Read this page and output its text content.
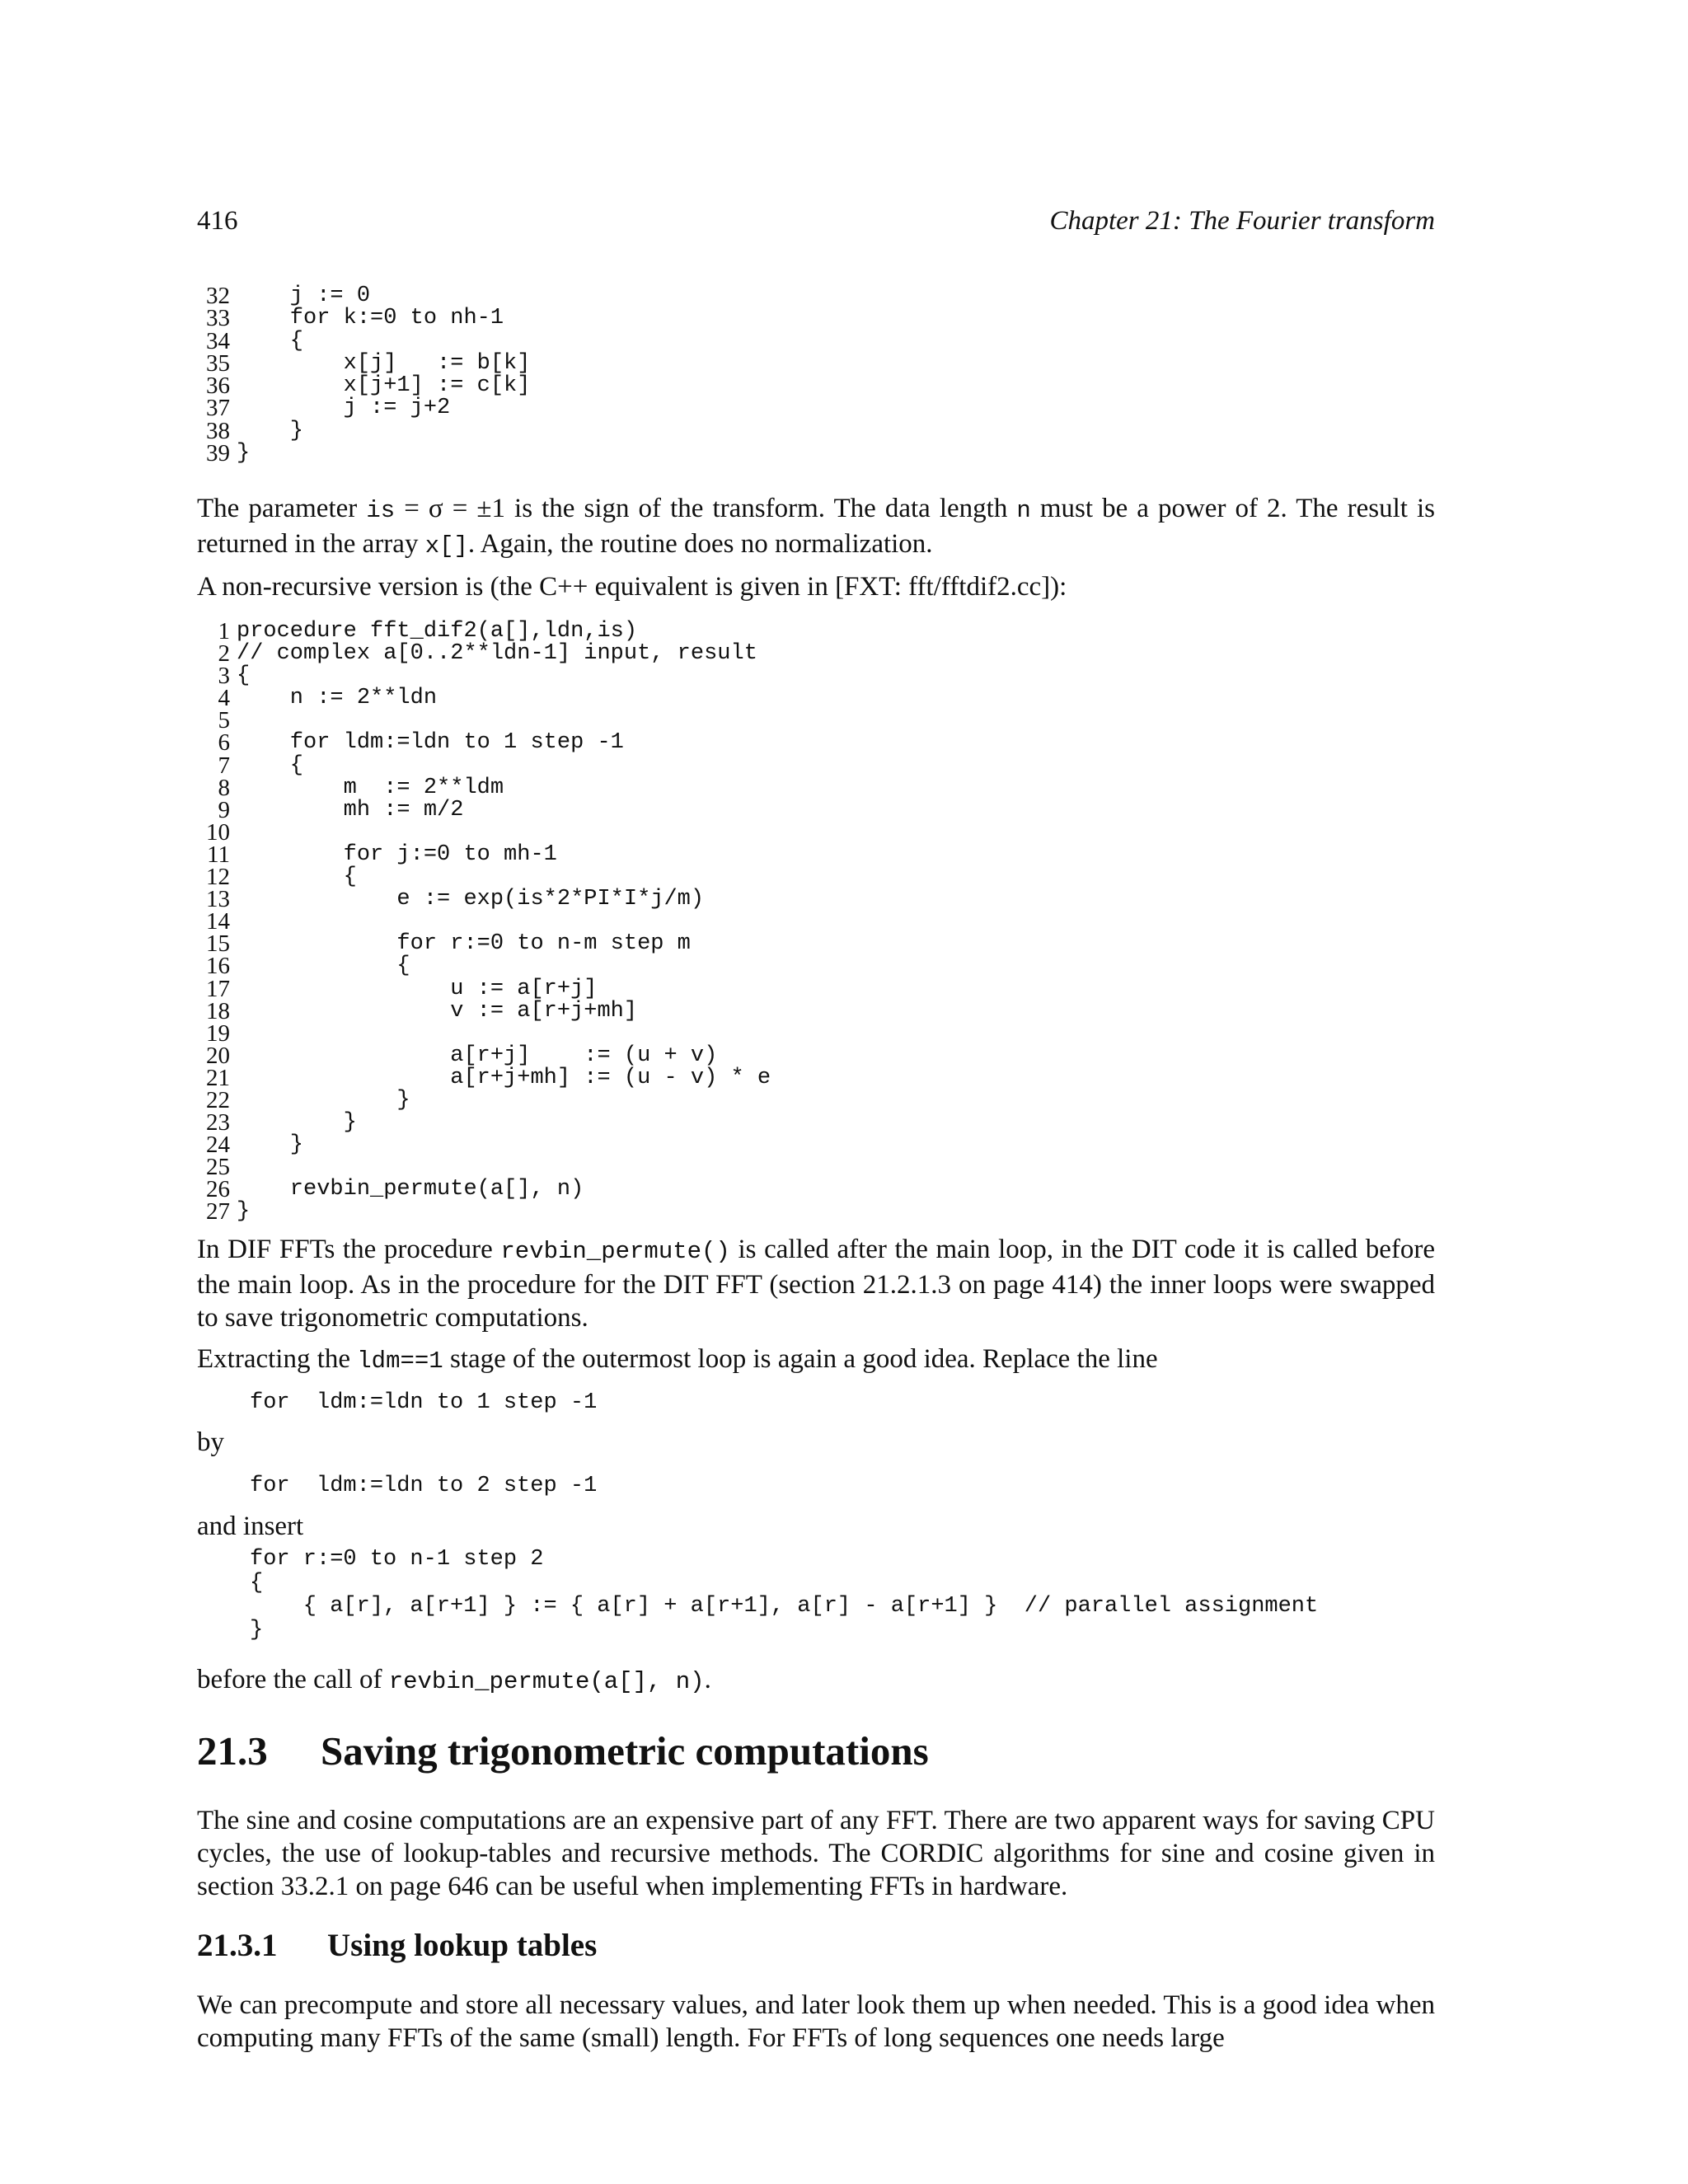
416	Chapter 21: The Fourier transform
32 j := 0
33 for k:=0 to nh-1
34 {
35 x[j]   := b[k]
36 x[j+1] := c[k]
37 j := j+2
38 }
39 }

The parameter is = σ = ±1 is the sign of the transform. The data length n must be a power of 2. The result is returned in the array x[]. Again, the routine does no normalization.

A non-recursive version is (the C++ equivalent is given in [FXT: fft/fftdif2.cc]):

1 procedure fft_dif2(a[],ldn,is)
2 // complex a[0..2**ldn-1] input, result
3 {
4 n := 2**ldn
5
6 for ldm:=ldn to 1 step -1
7 {
8 m  := 2**ldm
9 mh := m/2
10
11 for j:=0 to mh-1
12 {
13 e := exp(is*2*PI*I*j/m)
14
15 for r:=0 to n-m step m
16 {
17 u := a[r+j]
18 v := a[r+j+mh]
19
20 a[r+j]    := (u + v)
21 a[r+j+mh] := (u - v) * e
22 }
23 }
24 }
25
26 revbin_permute(a[], n)
27 }

In DIF FFTs the procedure revbin_permute() is called after the main loop, in the DIT code it is called before the main loop. As in the procedure for the DIT FFT (section 21.2.1.3 on page 414) the inner loops were swapped to save trigonometric computations.

Extracting the ldm==1 stage of the outermost loop is again a good idea. Replace the line

for  ldm:=ldn to 1 step -1

by

for  ldm:=ldn to 2 step -1

and insert

for r:=0 to n-1 step 2
{
{ a[r], a[r+1] } := { a[r] + a[r+1], a[r] - a[r+1] }  // parallel assignment
}

before the call of revbin_permute(a[], n).

21.3 Saving trigonometric computations

The sine and cosine computations are an expensive part of any FFT. There are two apparent ways for saving CPU cycles, the use of lookup-tables and recursive methods. The CORDIC algorithms for sine and cosine given in section 33.2.1 on page 646 can be useful when implementing FFTs in hardware.

21.3.1 Using lookup tables

We can precompute and store all necessary values, and later look them up when needed. This is a good idea when computing many FFTs of the same (small) length. For FFTs of long sequences one needs large
